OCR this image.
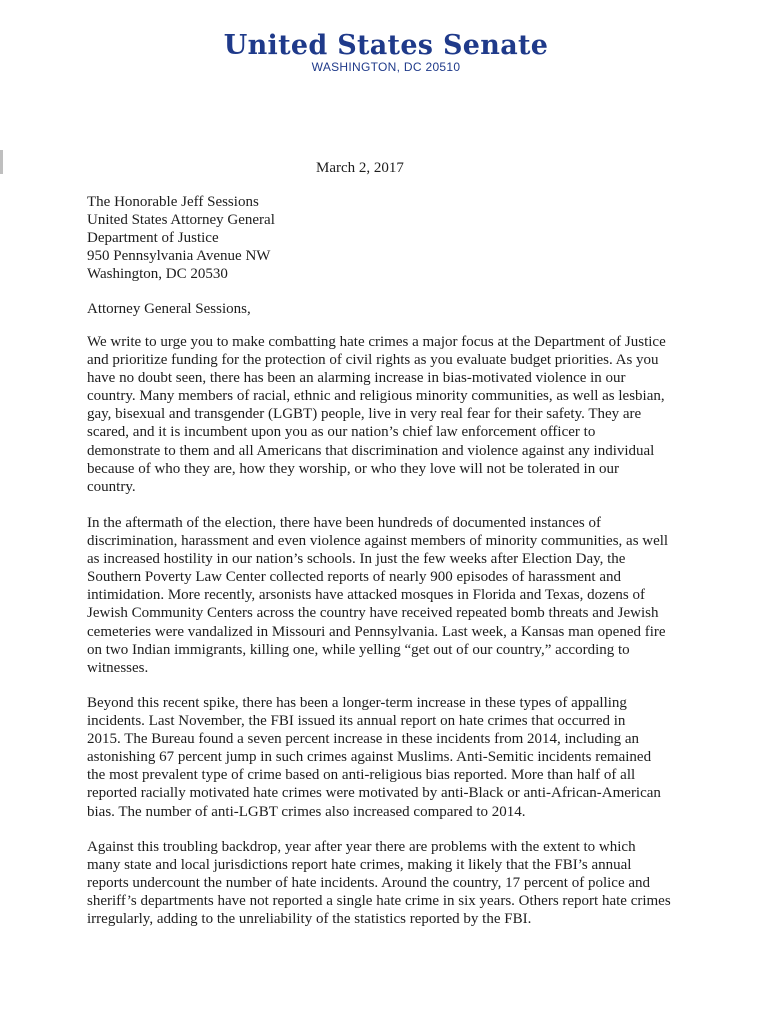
United States Senate
WASHINGTON, DC 20510
March 2, 2017
The Honorable Jeff Sessions
United States Attorney General
Department of Justice
950 Pennsylvania Avenue NW
Washington, DC 20530
Attorney General Sessions,
We write to urge you to make combatting hate crimes a major focus at the Department of Justice
and prioritize funding for the protection of civil rights as you evaluate budget priorities. As you
have no doubt seen, there has been an alarming increase in bias-motivated violence in our
country. Many members of racial, ethnic and religious minority communities, as well as lesbian,
gay, bisexual and transgender (LGBT) people, live in very real fear for their safety. They are
scared, and it is incumbent upon you as our nation’s chief law enforcement officer to
demonstrate to them and all Americans that discrimination and violence against any individual
because of who they are, how they worship, or who they love will not be tolerated in our
country.
In the aftermath of the election, there have been hundreds of documented instances of
discrimination, harassment and even violence against members of minority communities, as well
as increased hostility in our nation’s schools. In just the few weeks after Election Day, the
Southern Poverty Law Center collected reports of nearly 900 episodes of harassment and
intimidation. More recently, arsonists have attacked mosques in Florida and Texas, dozens of
Jewish Community Centers across the country have received repeated bomb threats and Jewish
cemeteries were vandalized in Missouri and Pennsylvania. Last week, a Kansas man opened fire
on two Indian immigrants, killing one, while yelling “get out of our country,” according to
witnesses.
Beyond this recent spike, there has been a longer-term increase in these types of appalling
incidents. Last November, the FBI issued its annual report on hate crimes that occurred in
2015. The Bureau found a seven percent increase in these incidents from 2014, including an
astonishing 67 percent jump in such crimes against Muslims. Anti-Semitic incidents remained
the most prevalent type of crime based on anti-religious bias reported. More than half of all
reported racially motivated hate crimes were motivated by anti-Black or anti-African-American
bias. The number of anti-LGBT crimes also increased compared to 2014.
Against this troubling backdrop, year after year there are problems with the extent to which
many state and local jurisdictions report hate crimes, making it likely that the FBI’s annual
reports undercount the number of hate incidents. Around the country, 17 percent of police and
sheriff’s departments have not reported a single hate crime in six years. Others report hate crimes
irregularly, adding to the unreliability of the statistics reported by the FBI.
